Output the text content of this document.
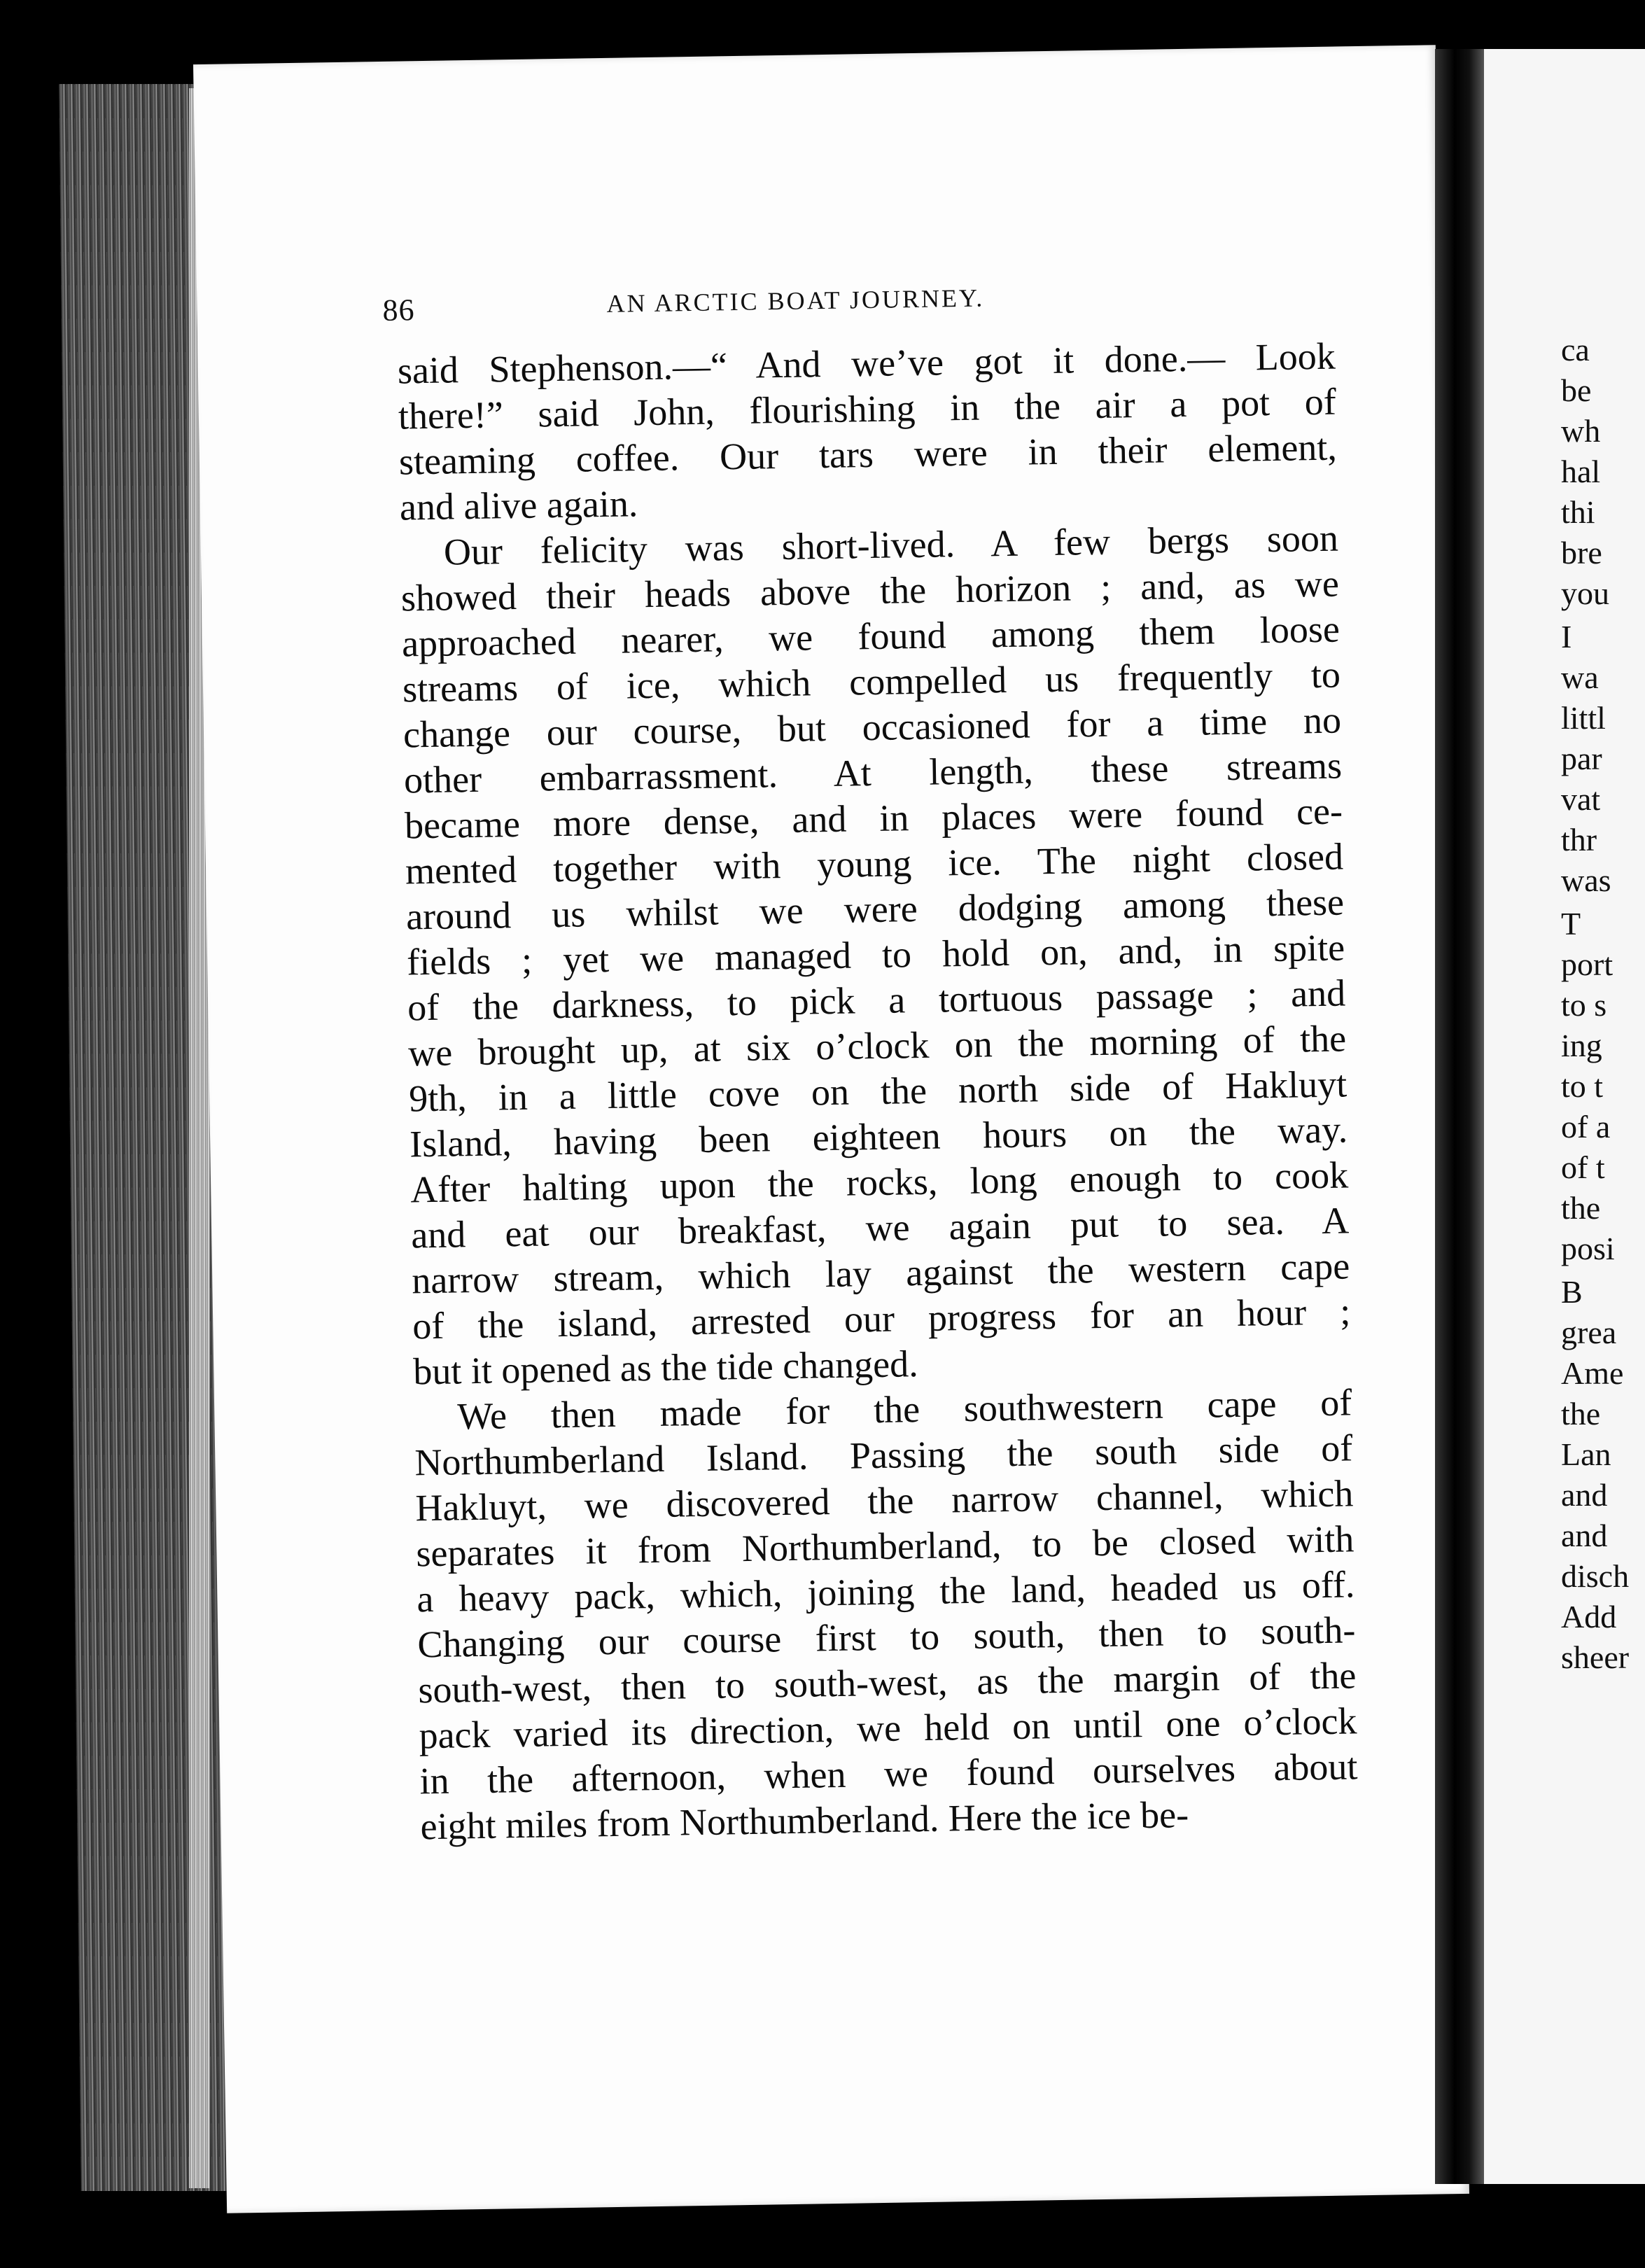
86	AN ARCTIC BOAT JOURNEY.
said Stephenson.—“ And we’ve got it done.— Look
there!” said John, flourishing in the air a pot of
steaming coffee. Our tars were in their element,
and alive again.
Our felicity was short-lived. A few bergs soon
showed their heads above the horizon ; and, as we
approached nearer, we found among them loose
streams of ice, which compelled us frequently to
change our course, but occasioned for a time no
other embarrassment. At length, these streams
became more dense, and in places were found ce-
mented together with young ice. The night closed
around us whilst we were dodging among these
fields ; yet we managed to hold on, and, in spite
of the darkness, to pick a tortuous passage ; and
we brought up, at six o’clock on the morning of the
9th, in a little cove on the north side of Hakluyt
Island, having been eighteen hours on the way.
After halting upon the rocks, long enough to cook
and eat our breakfast, we again put to sea. A
narrow stream, which lay against the western cape
of the island, arrested our progress for an hour ;
but it opened as the tide changed.
We then made for the southwestern cape of
Northumberland Island. Passing the south side of
Hakluyt, we discovered the narrow channel, which
separates it from Northumberland, to be closed with
a heavy pack, which, joining the land, headed us off.
Changing our course first to south, then to south-
south-west, then to south-west, as the margin of the
pack varied its direction, we held on until one o’clock
in the afternoon, when we found ourselves about
eight miles from Northumberland. Here the ice be-
ca
be
wh
hal
thi
bre
you
I
wa
littl
par
vat
thr
was
T
port
to s
ing
to t
of a
of t
the
posi
B
grea
Ame
the
Lan
and
and
disch
Add
sheer
